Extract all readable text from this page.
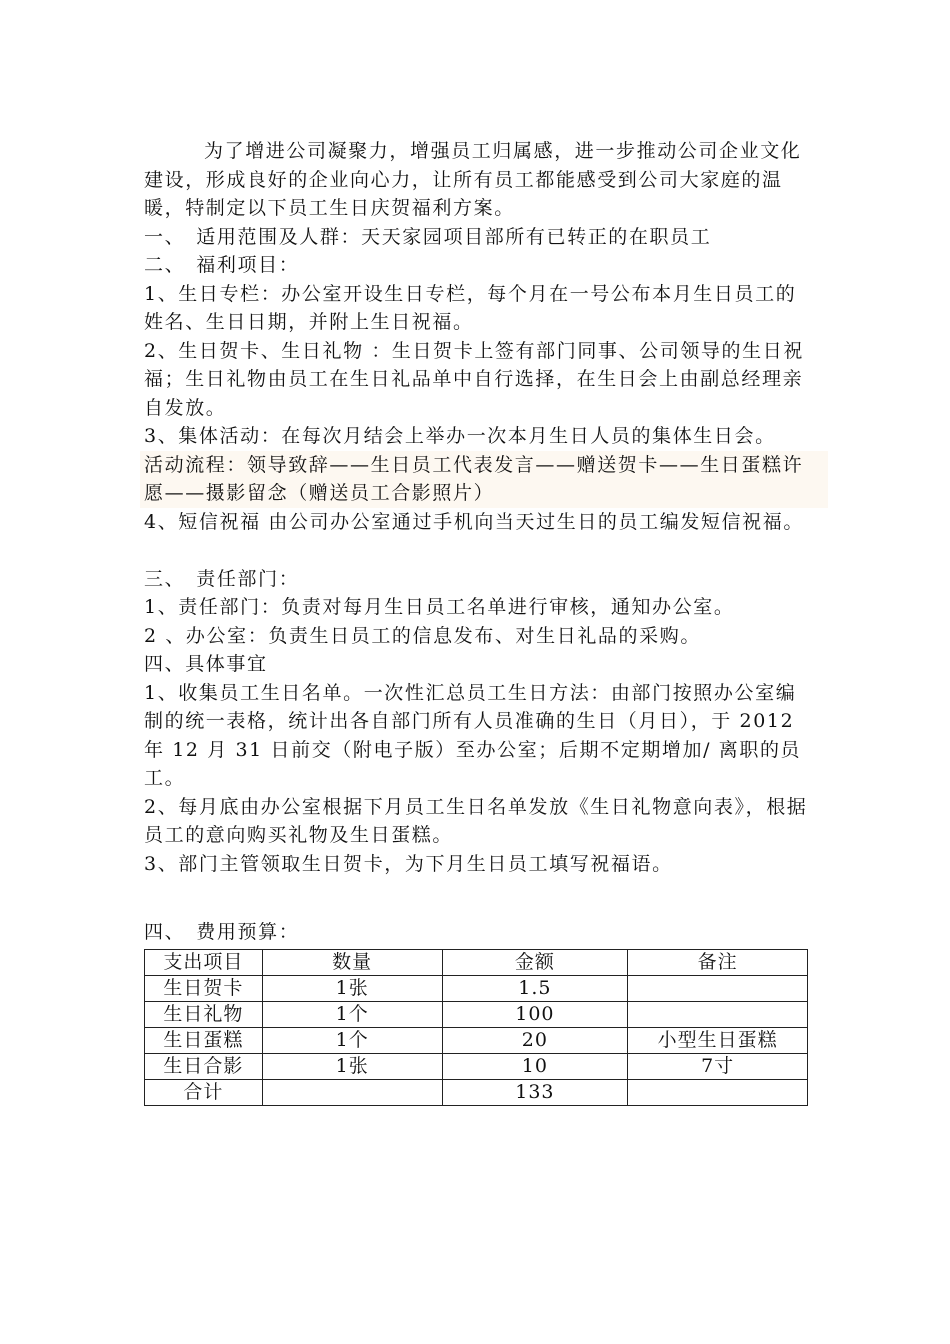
为了增进公司凝聚力，增强员工归属感，进一步推动公司企业文化建设，形成良好的企业向心力，让所有员工都能感受到公司大家庭的温暖，特制定以下员工生日庆贺福利方案。

一、　适用范围及人群：天天家园项目部所有已转正的在职员工

二、　福利项目：

1、生日专栏：办公室开设生日专栏，每个月在一号公布本月生日员工的姓名、生日日期，并附上生日祝福。

2、生日贺卡、生日礼物 ：生日贺卡上签有部门同事、公司领导的生日祝福；生日礼物由员工在生日礼品单中自行选择，在生日会上由副总经理亲自发放。

3、集体活动：在每次月结会上举办一次本月生日人员的集体生日会。

活动流程：领导致辞——生日员工代表发言——赠送贺卡——生日蛋糕许愿——摄影留念（赠送员工合影照片）

4、短信祝福 由公司办公室通过手机向当天过生日的员工编发短信祝福。

三、　责任部门：

1、责任部门：负责对每月生日员工名单进行审核，通知办公室。

2 、办公室：负责生日员工的信息发布、对生日礼品的采购。

四、具体事宜

1、收集员工生日名单。一次性汇总员工生日方法：由部门按照办公室编制的统一表格，统计出各自部门所有人员准确的生日（月日），于 2012 年 12 月 31 日前交（附电子版）至办公室；后期不定期增加/ 离职的员工。

2、每月底由办公室根据下月员工生日名单发放《生日礼物意向表》，根据员工的意向购买礼物及生日蛋糕。

3、部门主管领取生日贺卡，为下月生日员工填写祝福语。

四、　费用预算：

支出项目	数量	金额	备注
生日贺卡	1张	1.5	
生日礼物	1个	100	
生日蛋糕	1个	20	小型生日蛋糕
生日合影	1张	10	7寸
合计		133	
